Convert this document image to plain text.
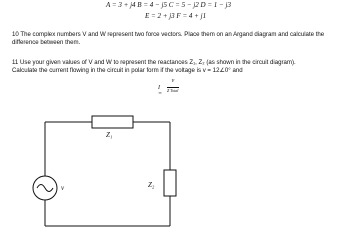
A = 3 + j4 B = 4 − j5 C = 5 − j2 D = 1 − j3
E = 2 + j3 F = 4 + j1
10 The complex numbers V and W represent two force vectors. Place them on an Argand diagram and calculate the difference between them.
11 Use your given values of V and W to represent the reactances Z₁, Z₂ (as shown in the circuit diagram).
Calculate the current flowing in the circuit in polar form if the voltage is v = 12∠0° and
I =
v
Z Total
v
Z₁
Z₂
